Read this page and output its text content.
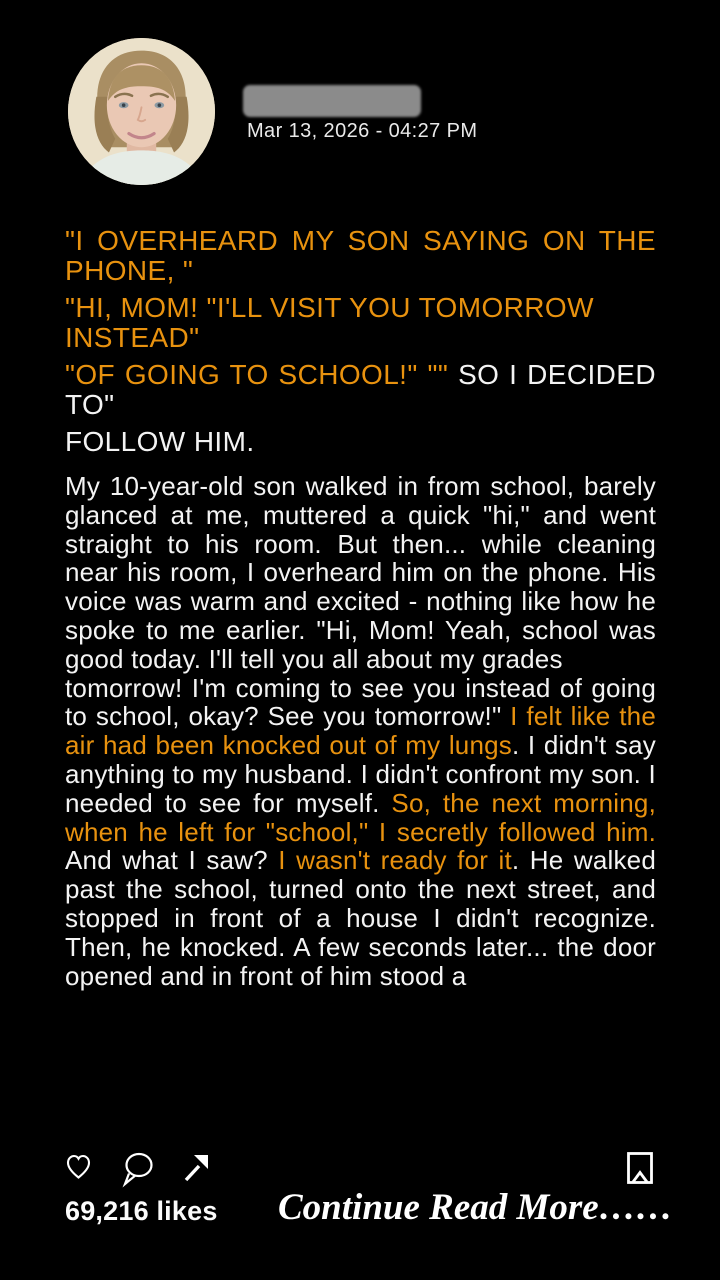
Mar 13, 2026 - 04:27 PM

"I OVERHEARD MY SON SAYING ON THE PHONE, "

"HI, MOM! "I'LL VISIT YOU TOMORROW INSTEAD"

"OF GOING TO SCHOOL!" "" SO I DECIDED TO"

FOLLOW HIM.

My 10-year-old son walked in from school, barely glanced at me, muttered a quick "hi," and went straight to his room. But then... while cleaning near his room, I overheard him on the phone. His voice was warm and excited - nothing like how he spoke to me earlier. "Hi, Mom! Yeah, school was good today. I'll tell you all about my grades
tomorrow! I'm coming to see you instead of going to school, okay? See you tomorrow!" I felt like the air had been knocked out of my lungs. I didn't say anything to my husband. I didn't confront my son. I needed to see for myself. So, the next morning, when he left for "school," I secretly followed him. And what I saw? I wasn't ready for it. He walked past the school, turned onto the next street, and stopped in front of a house I didn't recognize. Then, he knocked. A few seconds later... the door opened and in front of him stood a

69,216 likes Continue Read More……
